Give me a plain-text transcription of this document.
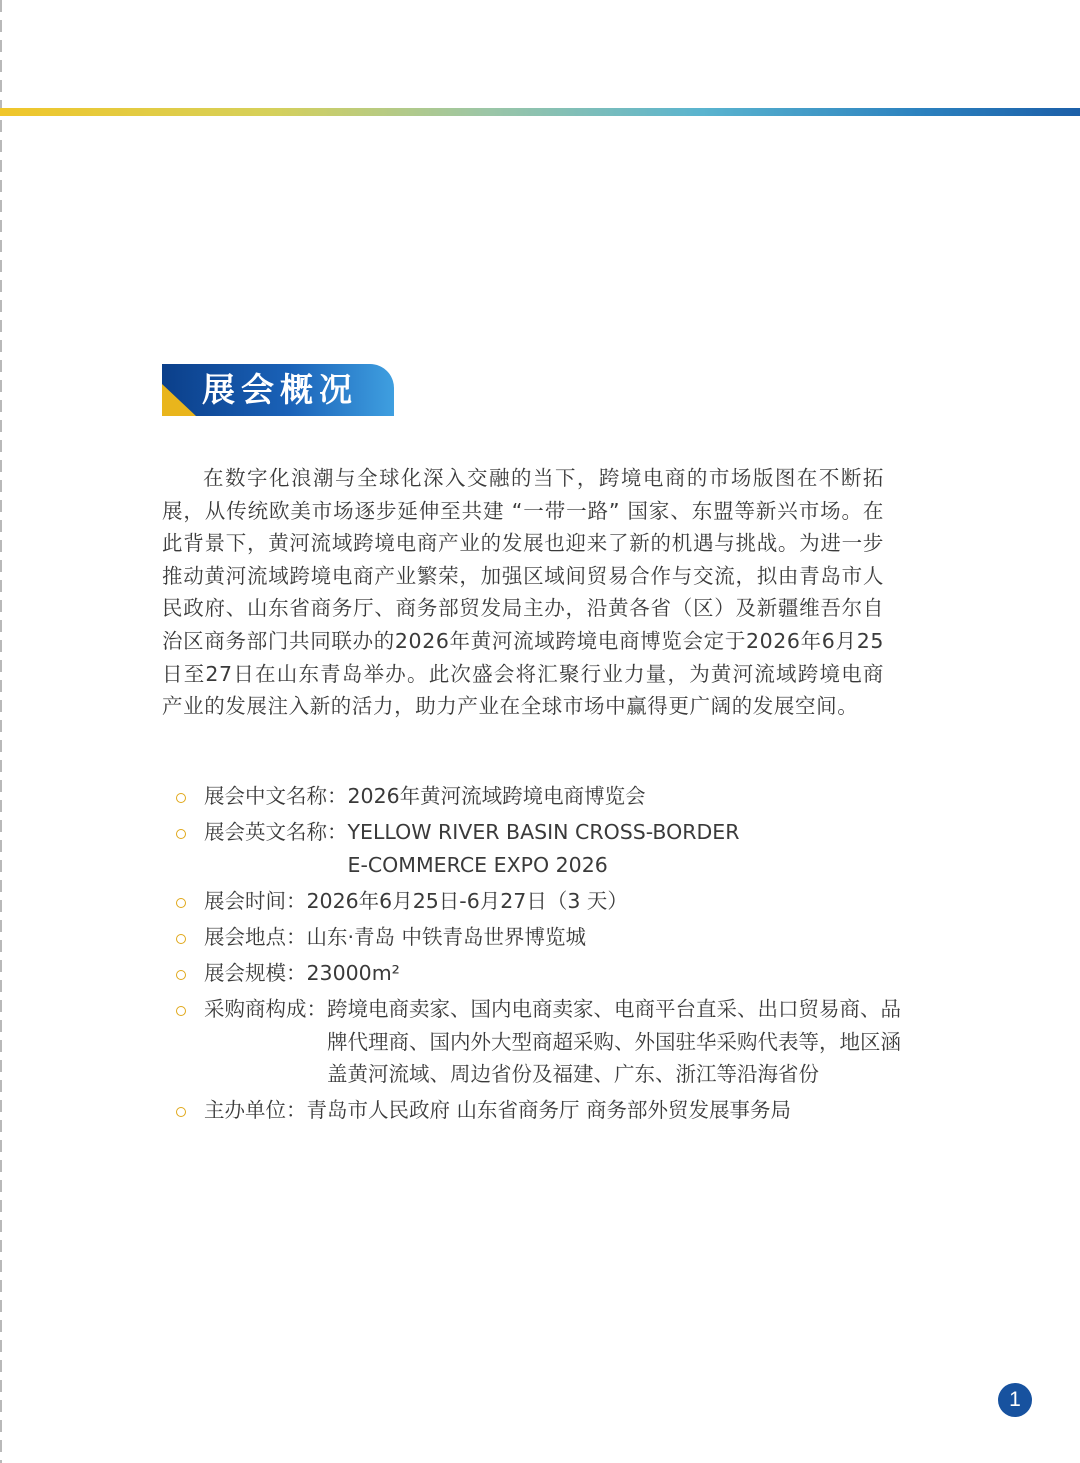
展会概况

在数字化浪潮与全球化深入交融的当下，跨境电商的市场版图在不断拓展，从传统欧美市场逐步延伸至共建 “一带一路” 国家、东盟等新兴市场。在此背景下，黄河流域跨境电商产业的发展也迎来了新的机遇与挑战。为进一步推动黄河流域跨境电商产业繁荣，加强区域间贸易合作与交流，拟由青岛市人民政府、山东省商务厅、商务部贸发局主办，沿黄各省（区）及新疆维吾尔自治区商务部门共同联办的2026年黄河流域跨境电商博览会定于2026年6月25日至27日在山东青岛举办。此次盛会将汇聚行业力量，为黄河流域跨境电商产业的发展注入新的活力，助力产业在全球市场中赢得更广阔的发展空间。

展会中文名称： 2026年黄河流域跨境电商博览会
展会英文名称： YELLOW RIVER BASIN CROSS-BORDER
E-COMMERCE EXPO 2026
展会时间： 2026年6月25日-6月27日（3 天）
展会地点： 山东·青岛 中铁青岛世界博览城
展会规模： 23000m²
采购商构成： 跨境电商卖家、国内电商卖家、电商平台直采、出口贸易商、品牌代理商、国内外大型商超采购、外国驻华采购代表等，地区涵盖黄河流域、周边省份及福建、广东、浙江等沿海省份
主办单位： 青岛市人民政府 山东省商务厅 商务部外贸发展事务局
1
